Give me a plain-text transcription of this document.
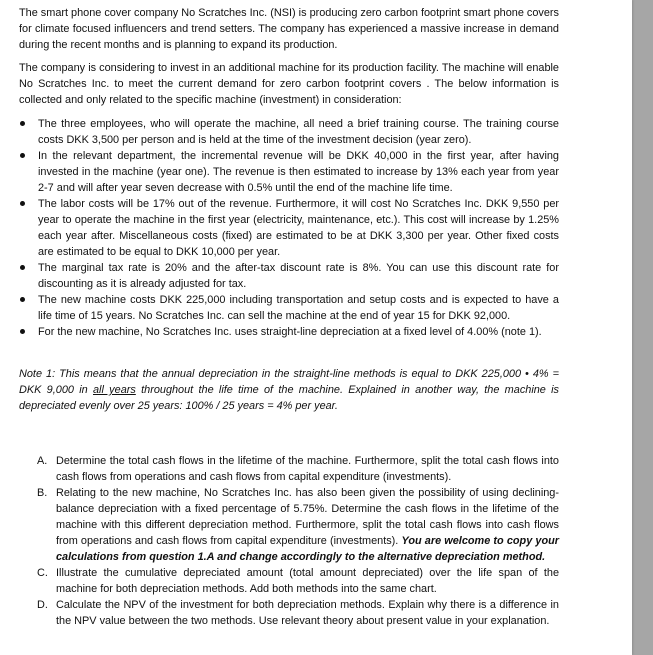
The smart phone cover company No Scratches Inc. (NSI) is producing zero carbon footprint smart phone covers for climate focused influencers and trend setters. The company has experienced a massive increase in demand during the recent months and is planning to expand its production.

The company is considering to invest in an additional machine for its production facility. The machine will enable No Scratches Inc. to meet the current demand for zero carbon footprint covers . The below information is collected and only related to the specific machine (investment) in consideration:

The three employees, who will operate the machine, all need a brief training course. The training course costs DKK 3,500 per person and is held at the time of the investment decision (year zero).
In the relevant department, the incremental revenue will be DKK 40,000 in the first year, after having invested in the machine (year one). The revenue is then estimated to increase by 13% each year from year 2-7 and will after year seven decrease with 0.5% until the end of the machine life time.
The labor costs will be 17% out of the revenue. Furthermore, it will cost No Scratches Inc. DKK 9,550 per year to operate the machine in the first year (electricity, maintenance, etc.). This cost will increase by 1.25% each year after. Miscellaneous costs (fixed) are estimated to be at DKK 3,300 per year. Other fixed costs are estimated to be equal to DKK 10,000 per year.
The marginal tax rate is 20% and the after-tax discount rate is 8%. You can use this discount rate for discounting as it is already adjusted for tax.
The new machine costs DKK 225,000 including transportation and setup costs and is expected to have a life time of 15 years. No Scratches Inc. can sell the machine at the end of year 15 for DKK 92,000.
For the new machine, No Scratches Inc. uses straight-line depreciation at a fixed level of 4.00% (note 1).

Note 1: This means that the annual depreciation in the straight-line methods is equal to DKK 225,000 • 4% = DKK 9,000 in all years throughout the life time of the machine. Explained in another way, the machine is depreciated evenly over 25 years: 100% / 25 years = 4% per year.

A. Determine the total cash flows in the lifetime of the machine. Furthermore, split the total cash flows into cash flows from operations and cash flows from capital expenditure (investments).
B. Relating to the new machine, No Scratches Inc. has also been given the possibility of using declining-balance depreciation with a fixed percentage of 5.75%. Determine the cash flows in the lifetime of the machine with this different depreciation method. Furthermore, split the total cash flows into cash flows from operations and cash flows from capital expenditure (investments). You are welcome to copy your calculations from question 1.A and change accordingly to the alternative depreciation method.
C. Illustrate the cumulative depreciated amount (total amount depreciated) over the life span of the machine for both depreciation methods. Add both methods into the same chart.
D. Calculate the NPV of the investment for both depreciation methods. Explain why there is a difference in the NPV value between the two methods. Use relevant theory about present value in your explanation.
